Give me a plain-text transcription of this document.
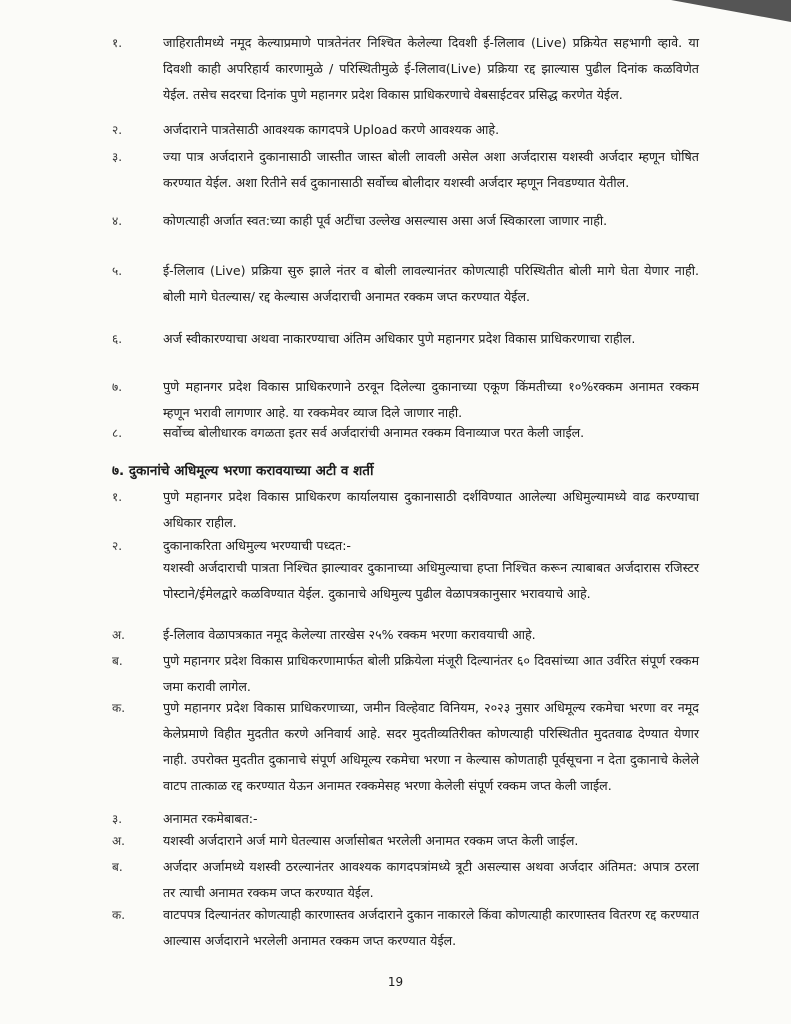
१.	जाहिरातीमध्ये नमूद केल्याप्रमाणे पात्रतेनंतर निश्चित केलेल्या दिवशी ई-लिलाव (Live) प्रक्रियेत सहभागी व्हावे. या दिवशी काही अपरिहार्य कारणामुळे / परिस्थितीमुळे ई-लिलाव(Live) प्रक्रिया रद्द झाल्यास पुढील दिनांक कळविणेत येईल. तसेच सदरचा दिनांक पुणे महानगर प्रदेश विकास प्राधिकरणाचे वेबसाईटवर प्रसिद्ध करणेत येईल.
२.	अर्जदाराने पात्रतेसाठी आवश्यक कागदपत्रे Upload करणे आवश्यक आहे.
३.	ज्या पात्र अर्जदाराने दुकानासाठी जास्तीत जास्त बोली लावली असेल अशा अर्जदारास यशस्वी अर्जदार म्हणून घोषित करण्यात येईल. अशा रितीने सर्व दुकानासाठी सर्वोच्च बोलीदार यशस्वी अर्जदार म्हणून निवडण्यात येतील.
४.	कोणत्याही अर्जात स्वत:च्या काही पूर्व अटींचा उल्लेख असल्यास असा अर्ज स्विकारला जाणार नाही.
५.	ई-लिलाव (Live) प्रक्रिया सुरु झाले नंतर व बोली लावल्यानंतर कोणत्याही परिस्थितीत बोली मागे घेता येणार नाही. बोली मागे घेतल्यास/ रद्द केल्यास अर्जदाराची अनामत रक्कम जप्त करण्यात येईल.
६.	अर्ज स्वीकारण्याचा अथवा नाकारण्याचा अंतिम अधिकार पुणे महानगर प्रदेश विकास प्राधिकरणाचा राहील.
७.	पुणे महानगर प्रदेश विकास प्राधिकरणाने ठरवून दिलेल्या दुकानाच्या एकूण किंमतीच्या १०%रक्कम अनामत रक्कम म्हणून भरावी लागणार आहे. या रक्कमेवर व्याज दिले जाणार नाही.
८.	सर्वोच्च बोलीधारक वगळता इतर सर्व अर्जदारांची अनामत रक्कम विनाव्याज परत केली जाईल.
७. दुकानांचे अधिमूल्य भरणा करावयाच्या अटी व शर्ती
१.	पुणे महानगर प्रदेश विकास प्राधिकरण कार्यालयास दुकानासाठी दर्शविण्यात आलेल्या अधिमुल्यामध्ये वाढ करण्याचा अधिकार राहील.
२.	दुकानाकरिता अधिमुल्य भरण्याची पध्दत:-
यशस्वी अर्जदाराची पात्रता निश्चित झाल्यावर दुकानाच्या अधिमुल्याचा हप्ता निश्चित करून त्याबाबत अर्जदारास रजिस्टर पोस्टाने/ईमेलद्वारे कळविण्यात येईल. दुकानाचे अधिमुल्य पुढील वेळापत्रकानुसार भरावयाचे आहे.
अ.	ई-लिलाव वेळापत्रकात नमूद केलेल्या तारखेस २५% रक्कम भरणा करावयाची आहे.
ब.	पुणे महानगर प्रदेश विकास प्राधिकरणामार्फत बोली प्रक्रियेला मंजूरी दिल्यानंतर ६० दिवसांच्या आत उर्वरित संपूर्ण रक्कम जमा करावी लागेल.
क.	पुणे महानगर प्रदेश विकास प्राधिकरणाच्या, जमीन विल्हेवाट विनियम, २०२३ नुसार अधिमूल्य रकमेचा भरणा वर नमूद केलेप्रमाणे विहीत मुदतीत करणे अनिवार्य आहे. सदर मुदतीव्यतिरीक्त कोणत्याही परिस्थितीत मुदतवाढ देण्यात येणार नाही. उपरोक्त मुदतीत दुकानाचे संपूर्ण अधिमूल्य रकमेचा भरणा न केल्यास कोणताही पूर्वसूचना न देता दुकानाचे केलेले वाटप तात्काळ रद्द करण्यात येऊन अनामत रक्कमेसह भरणा केलेली संपूर्ण रक्कम जप्त केली जाईल.
३.	अनामत रकमेबाबत:-
अ.	यशस्वी अर्जदाराने अर्ज मागे घेतल्यास अर्जासोबत भरलेली अनामत रक्कम जप्त केली जाईल.
ब.	अर्जदार अर्जामध्ये यशस्वी ठरल्यानंतर आवश्यक कागदपत्रांमध्ये त्रूटी असल्यास अथवा अर्जदार अंतिमत: अपात्र ठरला तर त्याची अनामत रक्कम जप्त करण्यात येईल.
क.	वाटपपत्र दिल्यानंतर कोणत्याही कारणास्तव अर्जदाराने दुकान नाकारले किंवा कोणत्याही कारणास्तव वितरण रद्द करण्यात आल्यास अर्जदाराने भरलेली अनामत रक्कम जप्त करण्यात येईल.
19
